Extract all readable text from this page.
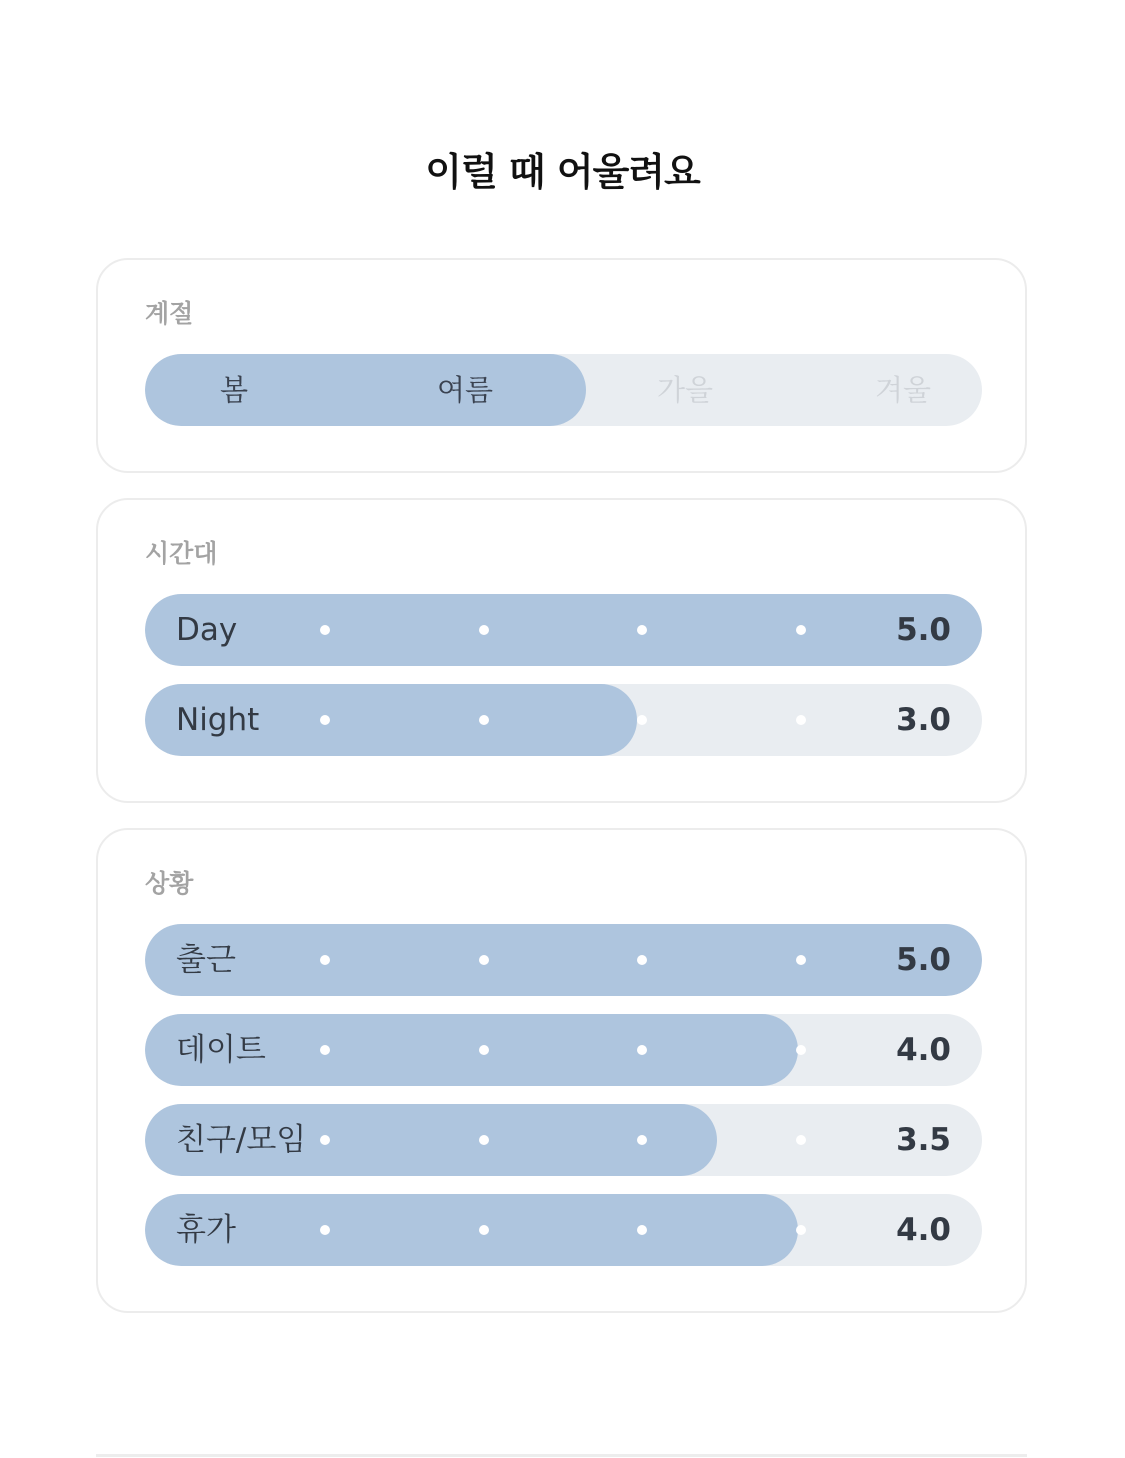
이럴 때 어울려요
계절
봄	여름	가을	겨울
시간대
Day	5.0
Night	3.0
상황
출근	5.0
데이트	4.0
친구/모임	3.5
휴가	4.0
